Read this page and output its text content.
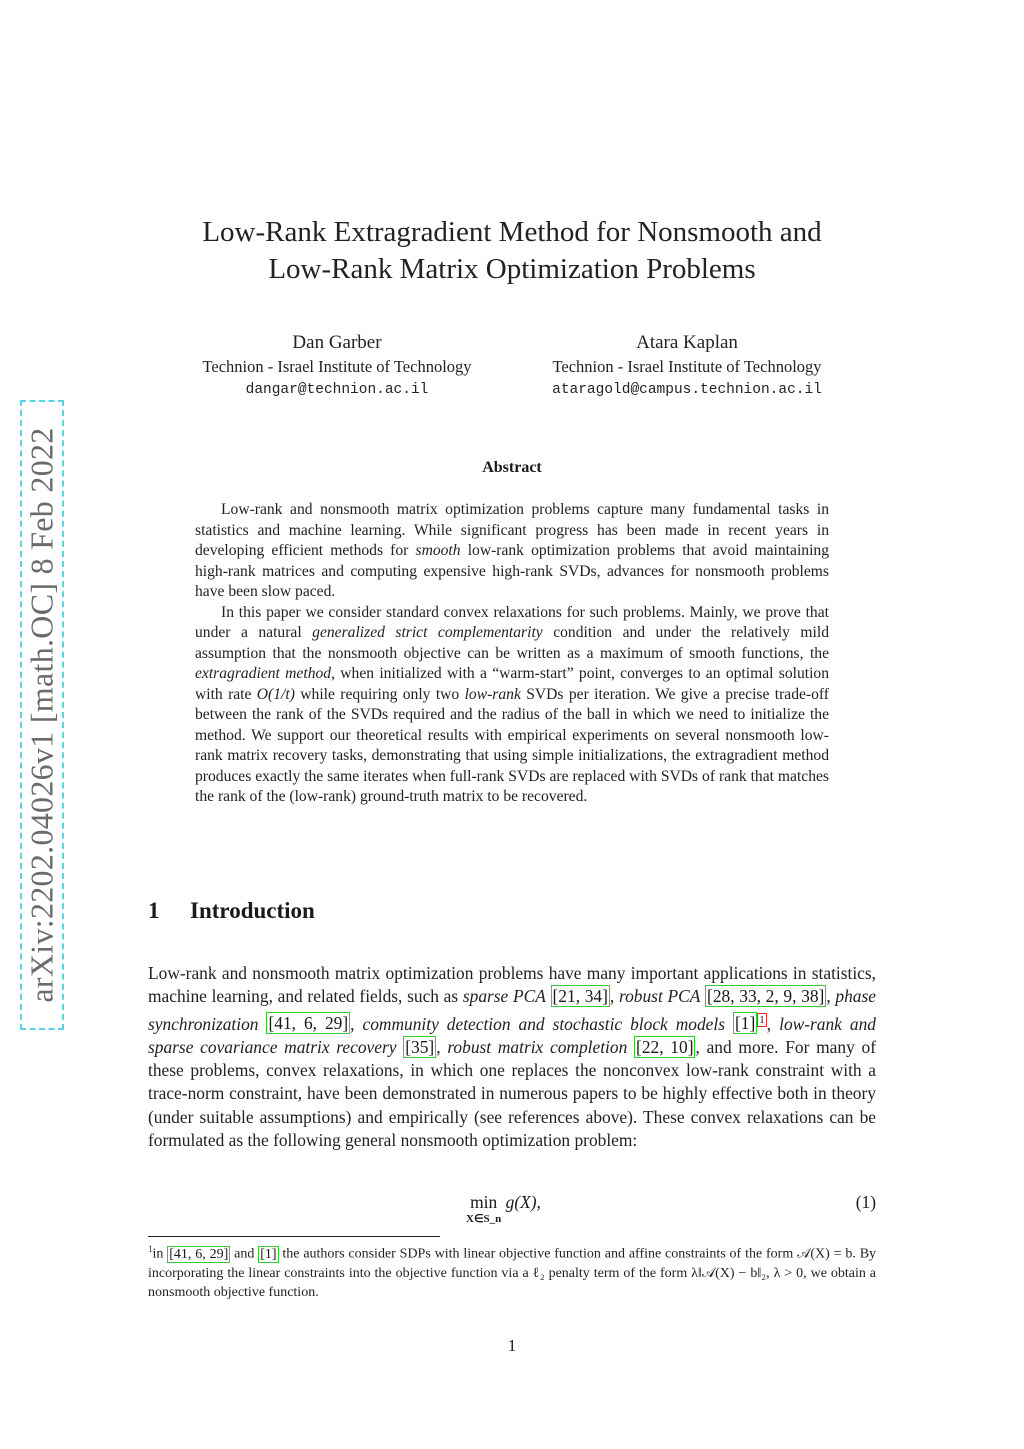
arXiv:2202.04026v1 [math.OC] 8 Feb 2022
Low-Rank Extragradient Method for Nonsmooth and
Low-Rank Matrix Optimization Problems
Dan Garber
Technion - Israel Institute of Technology
dangar@technion.ac.il
Atara Kaplan
Technion - Israel Institute of Technology
ataragold@campus.technion.ac.il
Abstract

Low-rank and nonsmooth matrix optimization problems capture many fundamental tasks in statistics and machine learning. While significant progress has been made in recent years in developing efficient methods for smooth low-rank optimization problems that avoid maintaining high-rank matrices and computing expensive high-rank SVDs, advances for nonsmooth problems have been slow paced.

In this paper we consider standard convex relaxations for such problems. Mainly, we prove that under a natural generalized strict complementarity condition and under the relatively mild assumption that the nonsmooth objective can be written as a maximum of smooth functions, the extragradient method, when initialized with a “warm-start” point, converges to an optimal solution with rate O(1/t) while requiring only two low-rank SVDs per iteration. We give a precise trade-off between the rank of the SVDs required and the radius of the ball in which we need to initialize the method. We support our theoretical results with empirical experiments on several nonsmooth low-rank matrix recovery tasks, demonstrating that using simple initializations, the extragradient method produces exactly the same iterates when full-rank SVDs are replaced with SVDs of rank that matches the rank of the (low-rank) ground-truth matrix to be recovered.

1 Introduction

Low-rank and nonsmooth matrix optimization problems have many important applications in statistics, machine learning, and related fields, such as sparse PCA [21, 34] , robust PCA [28, 33, 2, 9, 38] , phase synchronization [41, 6, 29] , community detection and stochastic block models [1] $^1$ , low-rank and sparse covariance matrix recovery [35] , robust matrix completion [22, 10] , and more. For many of these problems, convex relaxations, in which one replaces the nonconvex low-rank constraint with a trace-norm constraint, have been demonstrated in numerous papers to be highly effective both in theory (under suitable assumptions) and empirically (see references above). These convex relaxations can be formulated as the following general nonsmooth optimization problem:

min
X∈S_n
g(X),	(1)
$^1$in [41, 6, 29] and [1] the authors consider SDPs with linear objective function and affine constraints of the form 𝒜(X) = b. By incorporating the linear constraints into the objective function via a ℓ₂ penalty term of the form λ‖𝒜(X) − b‖₂, λ > 0, we obtain a nonsmooth objective function.
1
